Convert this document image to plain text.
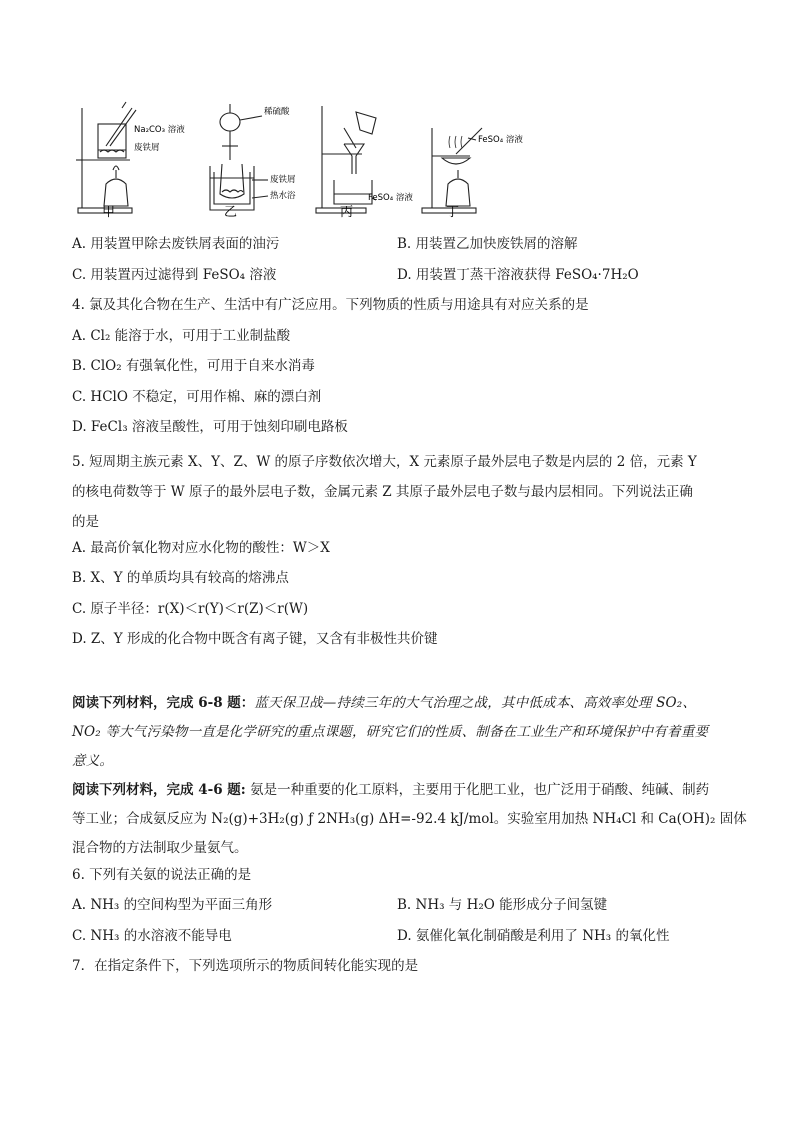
Na₂CO₃ 溶液
废铁屑
稀硫酸
废铁屑
热水浴	FeSO₄ 溶液
FeSO₄ 溶液
甲	乙	丙	丁
A. 用装置甲除去废铁屑表面的油污	B. 用装置乙加快废铁屑的溶解
C. 用装置丙过滤得到 FeSO₄ 溶液	D. 用装置丁蒸干溶液获得 FeSO₄·7H₂O
4. 氯及其化合物在生产、生活中有广泛应用。下列物质的性质与用途具有对应关系的是
A. Cl₂ 能溶于水，可用于工业制盐酸
B. ClO₂ 有强氧化性，可用于自来水消毒
C. HClO 不稳定，可用作棉、麻的漂白剂
D. FeCl₃ 溶液呈酸性，可用于蚀刻印刷电路板
5. 短周期主族元素 X、Y、Z、W 的原子序数依次增大，X 元素原子最外层电子数是内层的 2 倍，元素 Y
的核电荷数等于 W 原子的最外层电子数，金属元素 Z 其原子最外层电子数与最内层相同。下列说法正确
的是
A. 最高价氧化物对应水化物的酸性：W＞X
B. X、Y 的单质均具有较高的熔沸点
C. 原子半径：r(X)＜r(Y)＜r(Z)＜r(W)
D. Z、Y 形成的化合物中既含有离子键，又含有非极性共价键
阅读下列材料，完成 6-8 题：蓝天保卫战—持续三年的大气治理之战，其中低成本、高效率处理 SO₂、
NO₂ 等大气污染物一直是化学研究的重点课题，研究它们的性质、制备在工业生产和环境保护中有着重要
意义。
阅读下列材料，完成 4-6 题: 氨是一种重要的化工原料，主要用于化肥工业，也广泛用于硝酸、纯碱、制药
等工业；合成氨反应为 N₂(g)+3H₂(g) ƒ 2NH₃(g) ΔH=-92.4 kJ/mol。实验室用加热 NH₄Cl 和 Ca(OH)₂ 固体
混合物的方法制取少量氨气。
6. 下列有关氨的说法正确的是
A. NH₃ 的空间构型为平面三角形	B. NH₃ 与 H₂O 能形成分子间氢键
C. NH₃ 的水溶液不能导电	D. 氨催化氧化制硝酸是利用了 NH₃ 的氧化性
7．在指定条件下，下列选项所示的物质间转化能实现的是
